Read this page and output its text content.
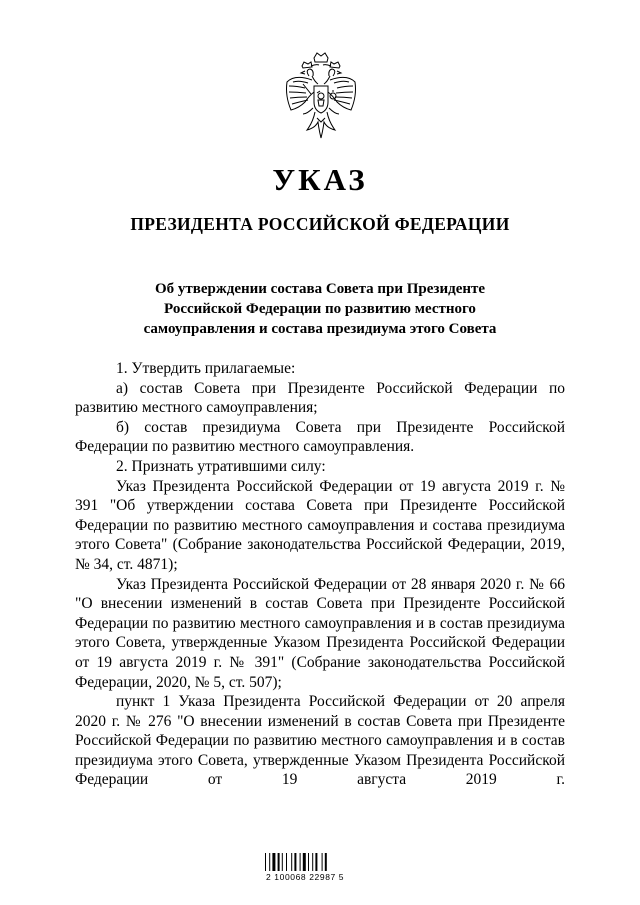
УКАЗ
ПРЕЗИДЕНТА РОССИЙСКОЙ ФЕДЕРАЦИИ
Об утверждении состава Совета при Президенте
Российской Федерации по развитию местного
самоуправления и состава президиума этого Совета

1. Утвердить прилагаемые:

а) состав Совета при Президенте Российской Федерации по развитию местного самоуправления;

б) состав президиума Совета при Президенте Российской Федерации по развитию местного самоуправления.

2. Признать утратившими силу:

Указ Президента Российской Федерации от 19 августа 2019 г. № 391 "Об утверждении состава Совета при Президенте Российской Федерации по развитию местного самоуправления и состава президиума этого Совета" (Собрание законодательства Российской Федерации, 2019, № 34, ст. 4871);

Указ Президента Российской Федерации от 28 января 2020 г. № 66 "О внесении изменений в состав Совета при Президенте Российской Федерации по развитию местного самоуправления и в состав президиума этого Совета, утвержденные Указом Президента Российской Федерации от 19 августа 2019 г. № 391" (Собрание законодательства Российской Федерации, 2020, № 5, ст. 507);

пункт 1 Указа Президента Российской Федерации от 20 апреля 2020 г. № 276 "О внесении изменений в состав Совета при Президенте Российской Федерации по развитию местного самоуправления и в состав президиума этого Совета, утвержденные Указом Президента Российской Федерации от 19 августа 2019 г.

2 100068 22987 5
